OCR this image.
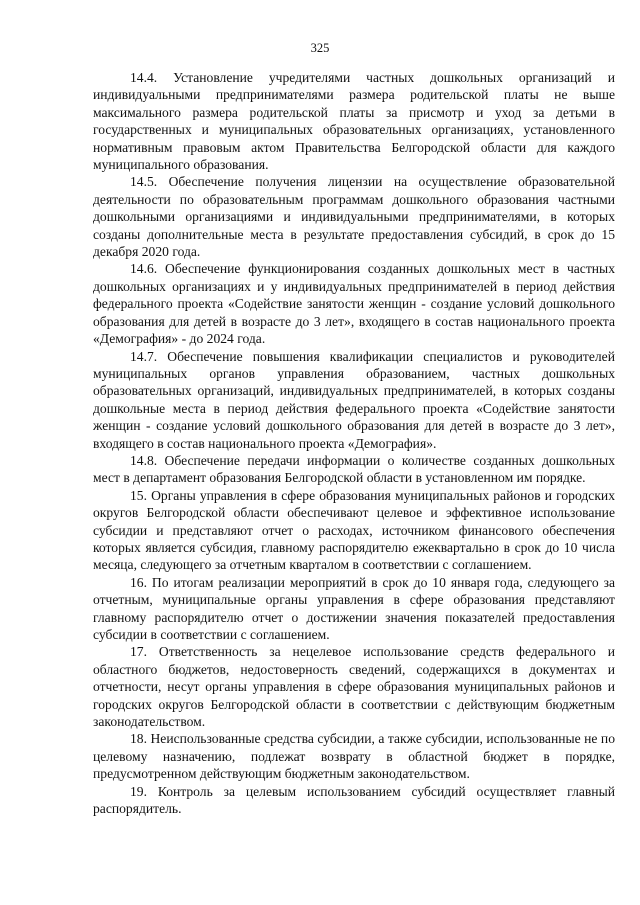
325

14.4. Установление учредителями частных дошкольных организаций и индивидуальными предпринимателями размера родительской платы не выше максимального размера родительской платы за присмотр и уход за детьми в государственных и муниципальных образовательных организациях, установленного нормативным правовым актом Правительства Белгородской области для каждого муниципального образования.

14.5. Обеспечение получения лицензии на осуществление образовательной деятельности по образовательным программам дошкольного образования частными дошкольными организациями и индивидуальными предпринимателями, в которых созданы дополнительные места в результате предоставления субсидий, в срок до 15 декабря 2020 года.

14.6. Обеспечение функционирования созданных дошкольных мест в частных дошкольных организациях и у индивидуальных предпринимателей в период действия федерального проекта «Содействие занятости женщин - создание условий дошкольного образования для детей в возрасте до 3 лет», входящего в состав национального проекта «Демография» - до 2024 года.

14.7. Обеспечение повышения квалификации специалистов и руководителей муниципальных органов управления образованием, частных дошкольных образовательных организаций, индивидуальных предпринимателей, в которых созданы дошкольные места в период действия федерального проекта «Содействие занятости женщин - создание условий дошкольного образования для детей в возрасте до 3 лет», входящего в состав национального проекта «Демография».

14.8. Обеспечение передачи информации о количестве созданных дошкольных мест в департамент образования Белгородской области в установленном им порядке.

15. Органы управления в сфере образования муниципальных районов и городских округов Белгородской области обеспечивают целевое и эффективное использование субсидии и представляют отчет о расходах, источником финансового обеспечения которых является субсидия, главному распорядителю ежеквартально в срок до 10 числа месяца, следующего за отчетным кварталом в соответствии с соглашением.

16. По итогам реализации мероприятий в срок до 10 января года, следующего за отчетным, муниципальные органы управления в сфере образования представляют главному распорядителю отчет о достижении значения показателей предоставления субсидии в соответствии с соглашением.

17. Ответственность за нецелевое использование средств федерального и областного бюджетов, недостоверность сведений, содержащихся в документах и отчетности, несут органы управления в сфере образования муниципальных районов и городских округов Белгородской области в соответствии с действующим бюджетным законодательством.

18. Неиспользованные средства субсидии, а также субсидии, использованные не по целевому назначению, подлежат возврату в областной бюджет в порядке, предусмотренном действующим бюджетным законодательством.

19. Контроль за целевым использованием субсидий осуществляет главный распорядитель.
